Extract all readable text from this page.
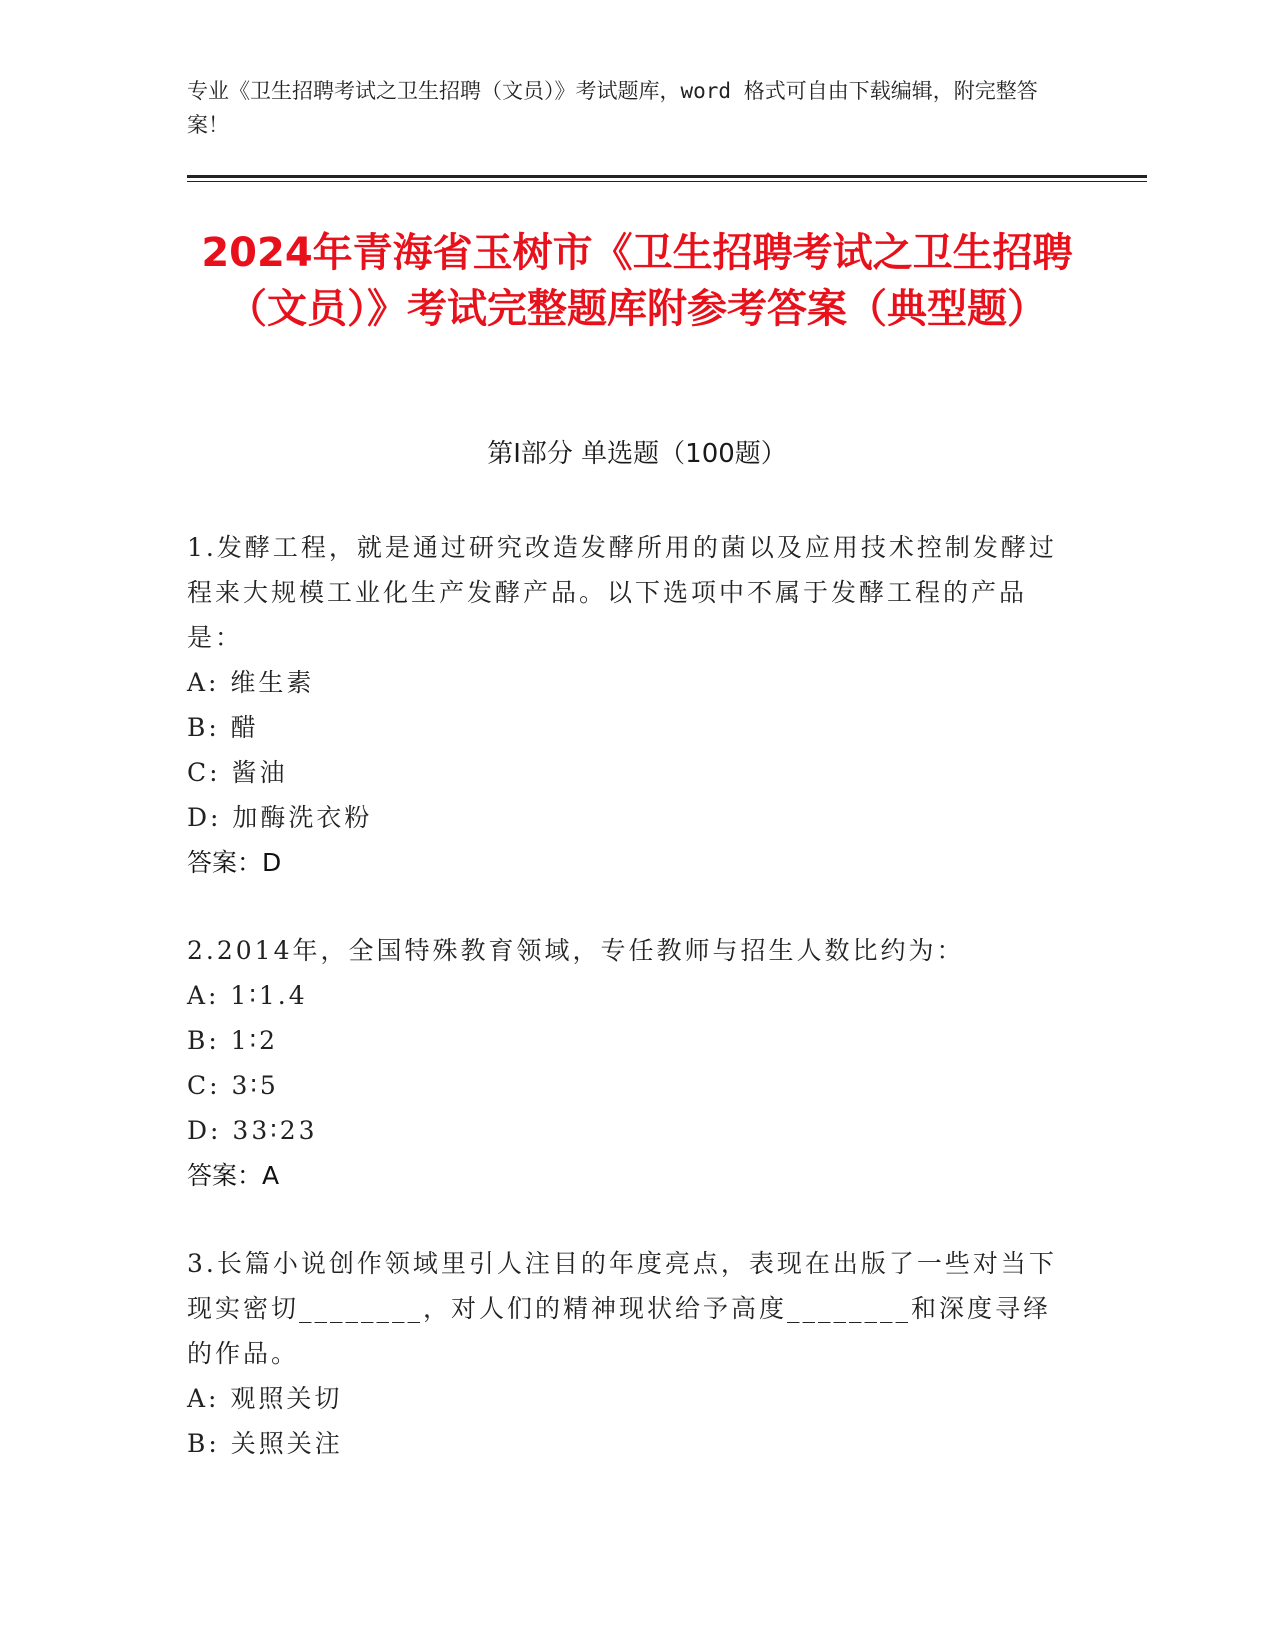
专业《卫生招聘考试之卫生招聘（文员）》考试题库，word 格式可自由下载编辑，附完整答案！
2024年青海省玉树市《卫生招聘考试之卫生招聘（文员）》考试完整题库附参考答案（典型题）
第Ⅰ部分 单选题（100题）
1.发酵工程，就是通过研究改造发酵所用的菌以及应用技术控制发酵过程来大规模工业化生产发酵产品。以下选项中不属于发酵工程的产品是：
A: 维生素
B: 醋
C: 酱油
D: 加酶洗衣粉
答案：D
2.2014年，全国特殊教育领域，专任教师与招生人数比约为：
A: 1∶1.4
B: 1∶2
C: 3∶5
D: 33∶23
答案：A
3.长篇小说创作领域里引人注目的年度亮点，表现在出版了一些对当下现实密切________，对人们的精神现状给予高度________和深度寻绎的作品。
A: 观照关切
B: 关照关注
